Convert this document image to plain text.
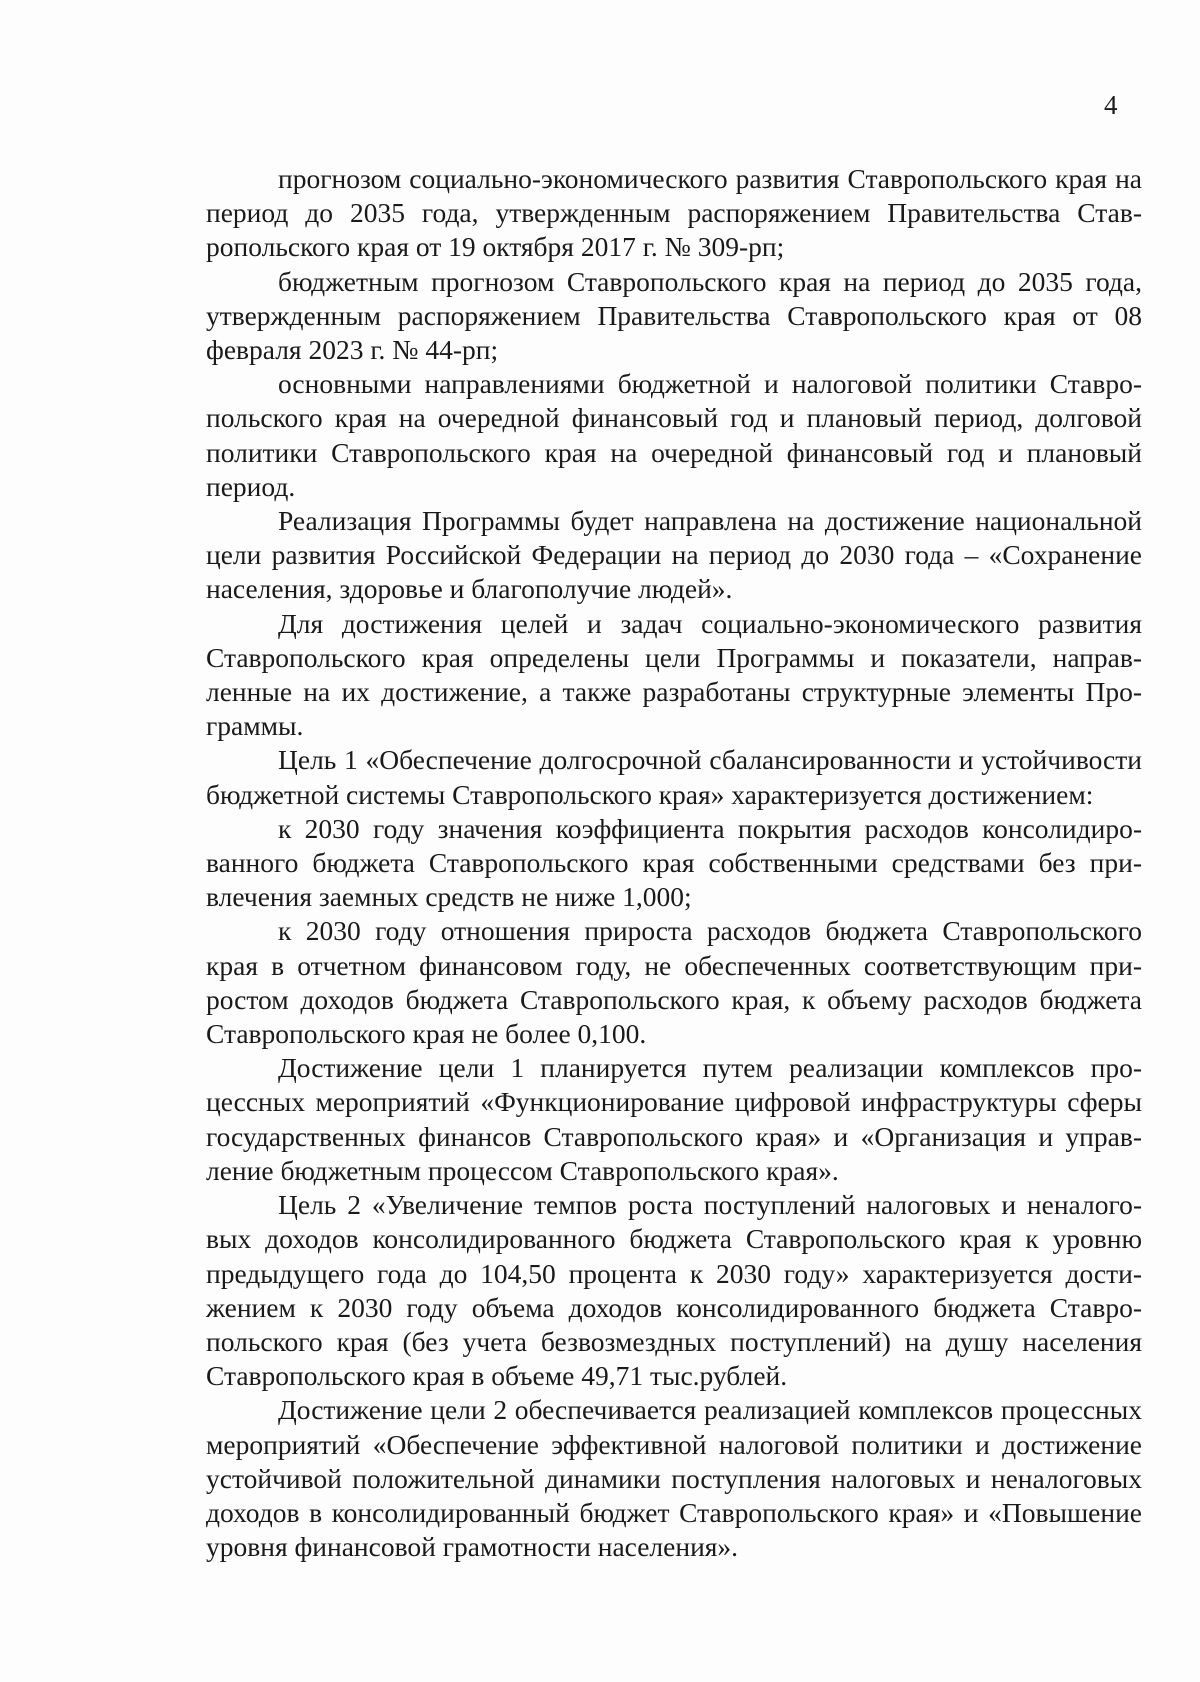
4

прогнозом социально-экономического развития Ставропольского края на период до 2035 года, утвержденным распоряжением Правительства Ставропольского края от 19 октября 2017 г. № 309-рп;

бюджетным прогнозом Ставропольского края на период до 2035 года, утвержденным распоряжением Правительства Ставропольского края от 08 февраля 2023 г. № 44-рп;

основными направлениями бюджетной и налоговой политики Ставропольского края на очередной финансовый год и плановый период, долговой политики Ставропольского края на очередной финансовый год и плановый период.

Реализация Программы будет направлена на достижение национальной цели развития Российской Федерации на период до 2030 года – «Сохранение населения, здоровье и благополучие людей».

Для достижения целей и задач социально-экономического развития Ставропольского края определены цели Программы и показатели, направленные на их достижение, а также разработаны структурные элементы Программы.

Цель 1 «Обеспечение долгосрочной сбалансированности и устойчивости бюджетной системы Ставропольского края» характеризуется достижением:

к 2030 году значения коэффициента покрытия расходов консолидированного бюджета Ставропольского края собственными средствами без привлечения заемных средств не ниже 1,000;

к 2030 году отношения прироста расходов бюджета Ставропольского края в отчетном финансовом году, не обеспеченных соответствующим приростом доходов бюджета Ставропольского края, к объему расходов бюджета Ставропольского края не более 0,100.

Достижение цели 1 планируется путем реализации комплексов процессных мероприятий «Функционирование цифровой инфраструктуры сферы государственных финансов Ставропольского края» и «Организация и управление бюджетным процессом Ставропольского края».

Цель 2 «Увеличение темпов роста поступлений налоговых и неналоговых доходов консолидированного бюджета Ставропольского края к уровню предыдущего года до 104,50 процента к 2030 году» характеризуется достижением к 2030 году объема доходов консолидированного бюджета Ставропольского края (без учета безвозмездных поступлений) на душу населения Ставропольского края в объеме 49,71 тыс.рублей.

Достижение цели 2 обеспечивается реализацией комплексов процессных мероприятий «Обеспечение эффективной налоговой политики и достижение устойчивой положительной динамики поступления налоговых и неналоговых доходов в консолидированный бюджет Ставропольского края» и «Повышение уровня финансовой грамотности населения».
